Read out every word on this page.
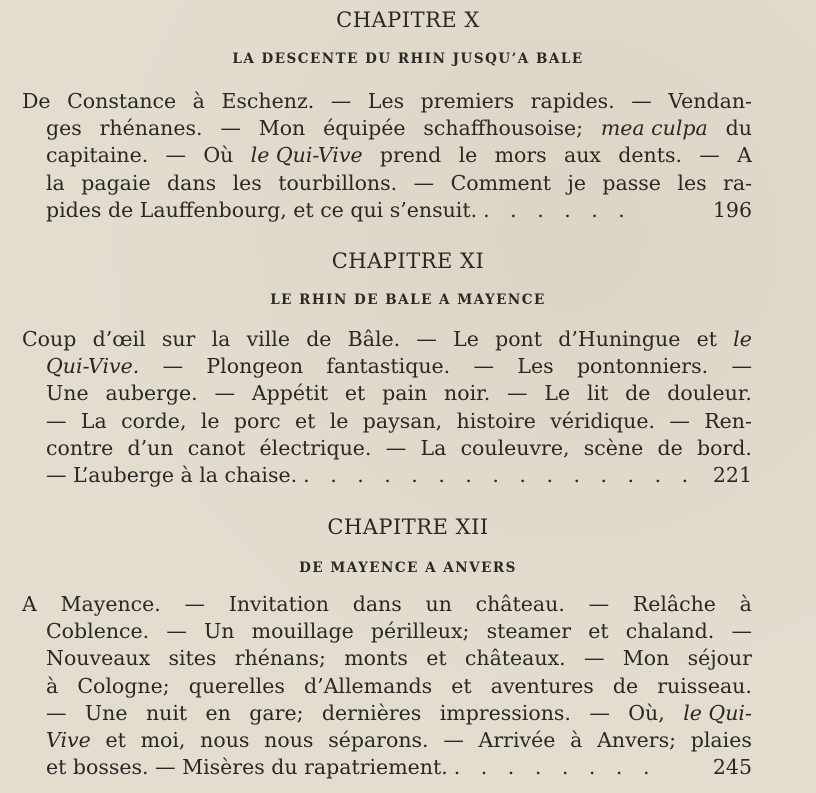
CHAPITRE X
LA DESCENTE DU RHIN JUSQU’A BALE
De Constance à Eschenz. — Les premiers rapides. — Vendan-
ges rhénanes. — Mon équipée schaffhousoise; mea culpa du
capitaine. — Où le Qui-Vive prend le mors aux dents. — A
la pagaie dans les tourbillons. — Comment je passe les ra-
pides de Lauffenbourg, et ce qui s’ensuit. . . . . . .	196
CHAPITRE XI
LE RHIN DE BALE A MAYENCE
Coup d’œil sur la ville de Bâle. — Le pont d’Huningue et le
Qui-Vive. — Plongeon fantastique. — Les pontonniers. —
Une auberge. — Appétit et pain noir. — Le lit de douleur.
— La corde, le porc et le paysan, histoire véridique. — Ren-
contre d’un canot électrique. — La couleuvre, scène de bord.
— L’auberge à la chaise. . . . . . . . . . . . . . . . 221
CHAPITRE XII
DE MAYENCE A ANVERS
A Mayence. — Invitation dans un château. — Relâche à
Coblence. — Un mouillage périlleux; steamer et chaland. —
Nouveaux sites rhénans; monts et châteaux. — Mon séjour
à Cologne; querelles d’Allemands et aventures de ruisseau.
— Une nuit en gare; dernières impressions. — Où, le Qui-
Vive et moi, nous nous séparons. — Arrivée à Anvers; plaies
et bosses. — Misères du rapatriement. . . . . . . . .	245
